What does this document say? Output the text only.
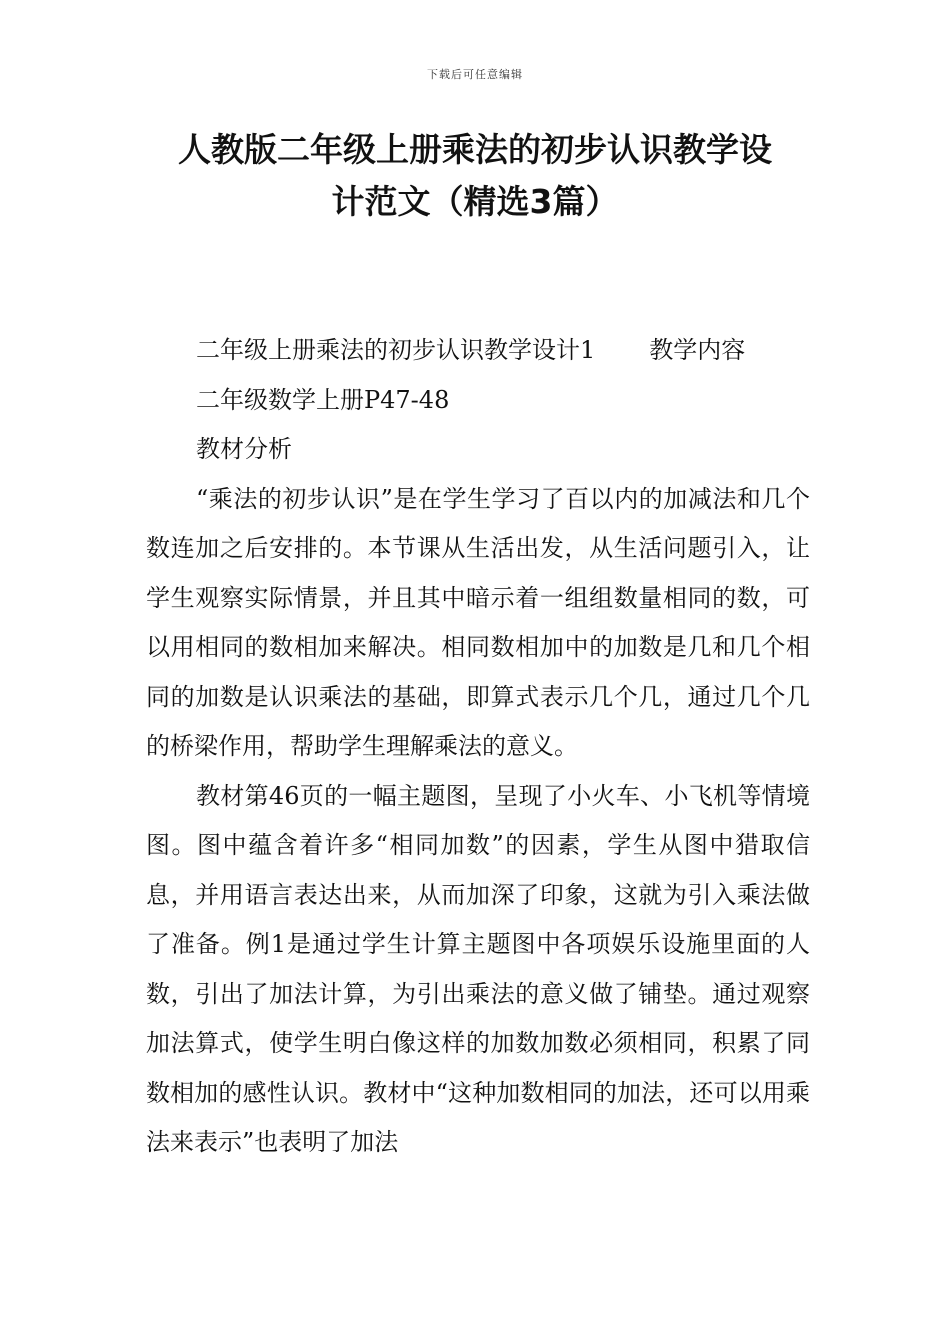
下载后可任意编辑
人教版二年级上册乘法的初步认识教学设
计范文（精选3篇）

二年级上册乘法的初步认识教学设计1 教学内容

二年级数学上册P47-48

教材分析

“乘法的初步认识”是在学生学习了百以内的加减法和几个数连加之后安排的。本节课从生活出发，从生活问题引入，让学生观察实际情景，并且其中暗示着一组组数量相同的数，可以用相同的数相加来解决。相同数相加中的加数是几和几个相同的加数是认识乘法的基础，即算式表示几个几，通过几个几的桥梁作用，帮助学生理解乘法的意义。

教材第46页的一幅主题图，呈现了小火车、小飞机等情境图。图中蕴含着许多“相同加数”的因素，学生从图中猎取信息，并用语言表达出来，从而加深了印象，这就为引入乘法做了准备。例1是通过学生计算主题图中各项娱乐设施里面的人数，引出了加法计算，为引出乘法的意义做了铺垫。通过观察加法算式，使学生明白像这样的加数加数必须相同，积累了同数相加的感性认识。教材中“这种加数相同的加法，还可以用乘法来表示”也表明了加法
